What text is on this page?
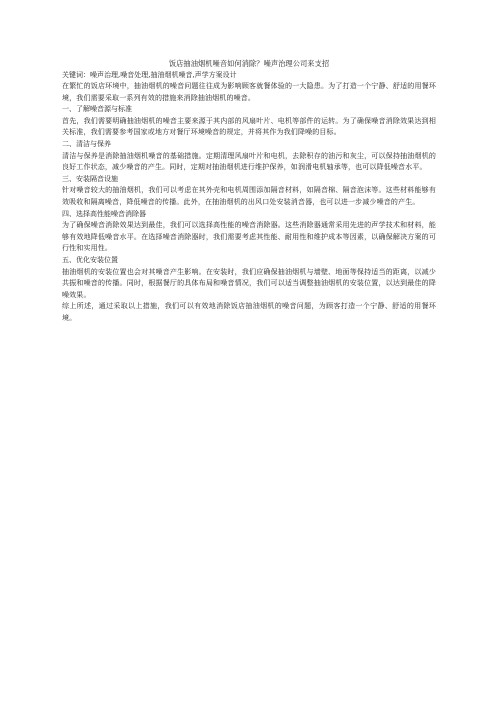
饭店抽油烟机噪音如何消除？噪声治理公司来支招

关键词：噪声治理,噪音处理,抽油烟机噪音,声学方案设计

在繁忙的饭店环境中，抽油烟机的噪音问题往往成为影响顾客就餐体验的一大隐患。为了打造一个宁静、舒适的用餐环境，我们需要采取一系列有效的措施来消除抽油烟机的噪音。

一、了解噪音源与标准

首先，我们需要明确抽油烟机的噪音主要来源于其内部的风扇叶片、电机等部件的运转。为了确保噪音消除效果达到相关标准，我们需要参考国家或地方对餐厅环境噪音的规定，并将其作为我们降噪的目标。

二、清洁与保养

清洁与保养是消除抽油烟机噪音的基础措施。定期清理风扇叶片和电机，去除积存的油污和灰尘，可以保持抽油烟机的良好工作状态，减少噪音的产生。同时，定期对抽油烟机进行维护保养，如润滑电机轴承等，也可以降低噪音水平。

三、安装隔音设施

针对噪音较大的抽油烟机，我们可以考虑在其外壳和电机周围添加隔音材料，如隔音棉、隔音泡沫等。这些材料能够有效吸收和隔离噪音，降低噪音的传播。此外，在抽油烟机的出风口处安装消音器，也可以进一步减少噪音的产生。

四、选择高性能噪音消除器

为了确保噪音消除效果达到最佳，我们可以选择高性能的噪音消除器。这些消除器通常采用先进的声学技术和材料，能够有效地降低噪音水平。在选择噪音消除器时，我们需要考虑其性能、耐用性和维护成本等因素，以确保解决方案的可行性和实用性。

五、优化安装位置

抽油烟机的安装位置也会对其噪音产生影响。在安装时，我们应确保抽油烟机与墙壁、地面等保持适当的距离，以减少共振和噪音的传播。同时，根据餐厅的具体布局和噪音情况，我们可以适当调整抽油烟机的安装位置，以达到最佳的降噪效果。

综上所述，通过采取以上措施，我们可以有效地消除饭店抽油烟机的噪音问题，为顾客打造一个宁静、舒适的用餐环境。
